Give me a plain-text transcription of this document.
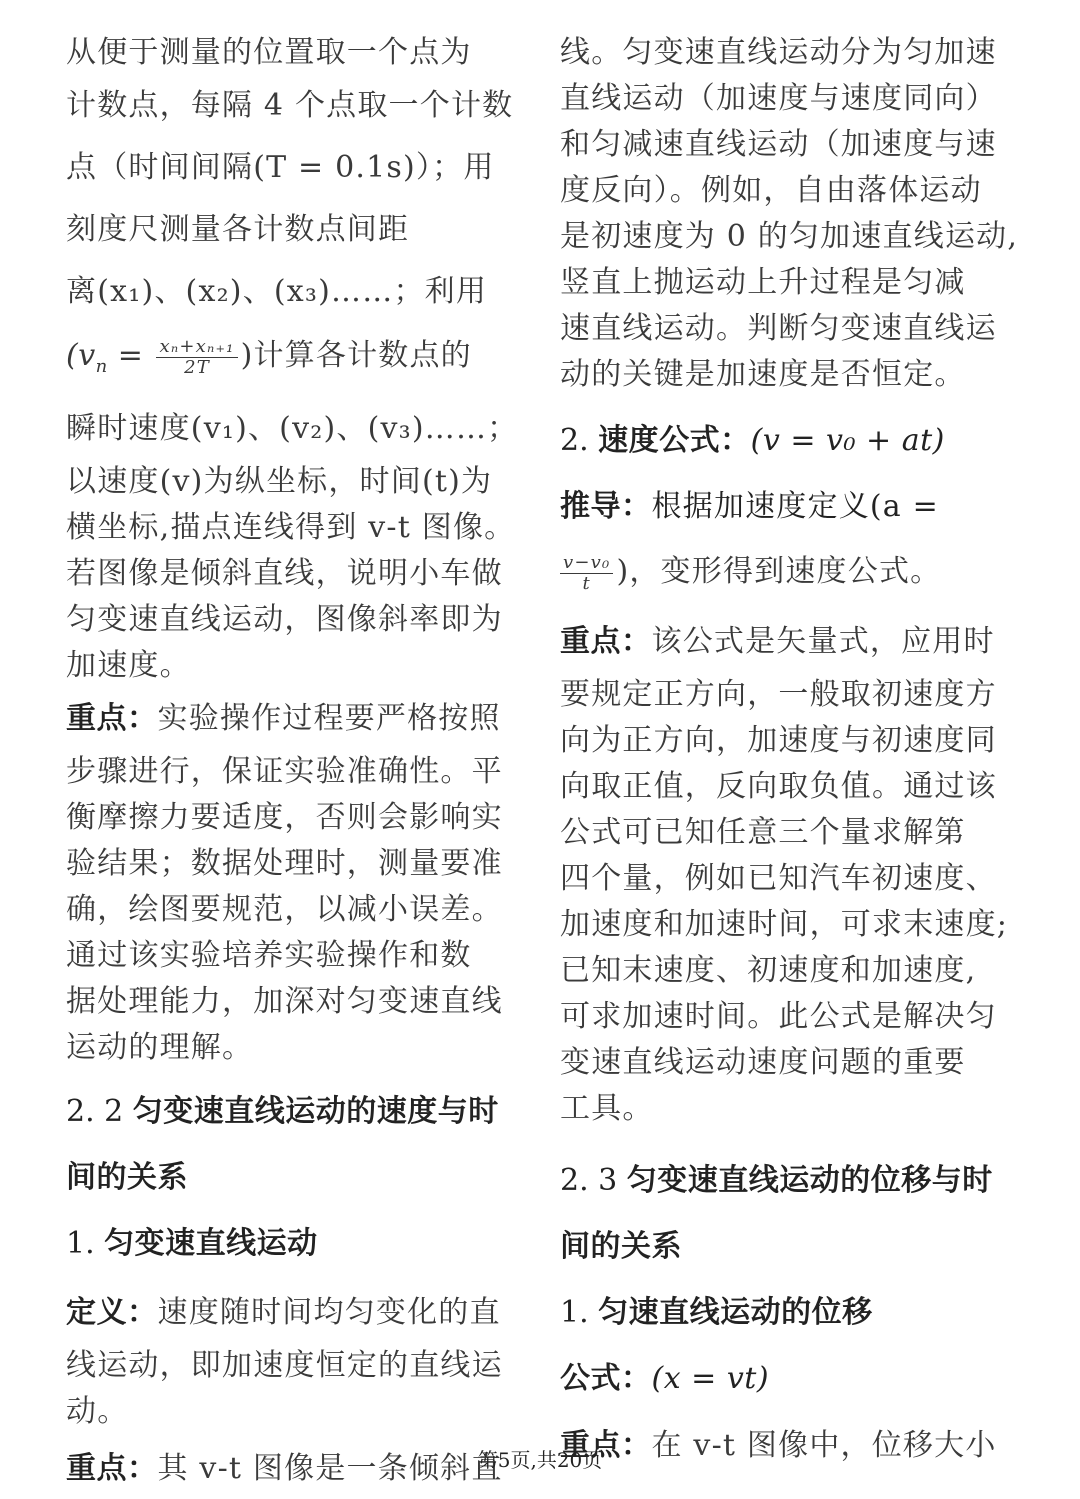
从便于测量的位置取一个点为
计数点，每隔 4 个点取一个计数
点（时间间隔(T = 0.1s)）；用
刻度尺测量各计数点间距
离(x₁)、(x₂)、(x₃)……；利用
($v_n = \frac{\text{xₙ+xₙ₊₁}}{2T}$ )计算各计数点的
瞬时速度(v₁)、(v₂)、(v₃)……；
以速度(v)为纵坐标，时间(t)为
横坐标,描点连线得到 v-t 图像。
若图像是倾斜直线，说明小车做
匀变速直线运动，图像斜率即为
加速度。
重点：实验操作过程要严格按照
步骤进行，保证实验准确性。平
衡摩擦力要适度，否则会影响实
验结果；数据处理时，测量要准
确，绘图要规范，以减小误差。
通过该实验培养实验操作和数
据处理能力，加深对匀变速直线
运动的理解。
2. 2 匀变速直线运动的速度与时
间的关系
1. 匀变速直线运动
定义：速度随时间均匀变化的直
线运动，即加速度恒定的直线运
动。
重点：其 v-t 图像是一条倾斜直
线。匀变速直线运动分为匀加速
直线运动（加速度与速度同向）
和匀减速直线运动（加速度与速
度反向）。例如，自由落体运动
是初速度为 0 的匀加速直线运动,
竖直上抛运动上升过程是匀减
速直线运动。判断匀变速直线运
动的关键是加速度是否恒定。
2. 速度公式：(v = v₀ + at)
推导：根据加速度定义(a =
$\frac{\text{v−v₀}}{t}$ )，变形得到速度公式。
重点：该公式是矢量式，应用时
要规定正方向，一般取初速度方
向为正方向，加速度与初速度同
向取正值，反向取负值。通过该
公式可已知任意三个量求解第
四个量，例如已知汽车初速度、
加速度和加速时间，可求末速度;
已知末速度、初速度和加速度,
可求加速时间。此公式是解决匀
变速直线运动速度问题的重要
工具。
2. 3 匀变速直线运动的位移与时
间的关系
1. 匀速直线运动的位移
公式：(x = vt)
重点：在 v-t 图像中，位移大小
第5页,共20页
